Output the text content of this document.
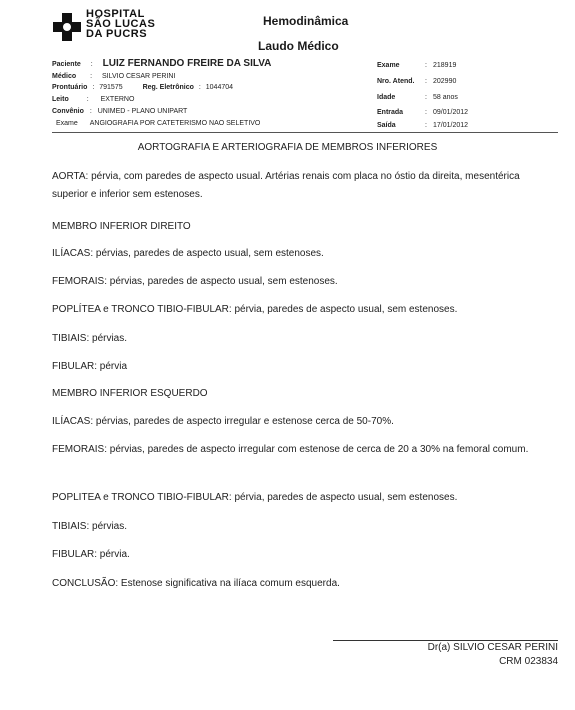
HOSPITAL
SÃO LUCAS
DA PUCRS
Hemodinâmica
Laudo Médico
Paciente : LUIZ FERNANDO FREIRE DA SILVA
Médico : SILVIO CESAR PERINI
Prontuário : 791575	Reg. Eletrônico : 1044704
Leito	: EXTERNO
Convênio : UNIMED - PLANO UNIPART
Exame ANGIOGRAFIA POR CATETERISMO NAO SELETIVO
Exame	: 218919
Nro. Atend. : 202990
Idade	: 58 anos
Entrada	: 09/01/2012
Saída	: 17/01/2012
AORTOGRAFIA E ARTERIOGRAFIA DE MEMBROS INFERIORES
AORTA: pérvia, com paredes de aspecto usual. Artérias renais com placa no óstio da direita, mesentérica superior e inferior sem estenoses.
MEMBRO INFERIOR DIREITO
ILÍACAS: pérvias, paredes de aspecto usual, sem estenoses.
FEMORAIS: pérvias, paredes de aspecto usual, sem estenoses.
POPLÍTEA e TRONCO TIBIO-FIBULAR: pérvia, paredes de aspecto usual, sem estenoses.
TIBIAIS: pérvias.
FIBULAR: pérvia
MEMBRO INFERIOR ESQUERDO
ILÍACAS: pérvias, paredes de aspecto irregular e estenose cerca de 50-70%.
FEMORAIS: pérvias, paredes de aspecto irregular com estenose de cerca de 20 a 30% na femoral comum.
POPLITEA e TRONCO TIBIO-FIBULAR: pérvia, paredes de aspecto usual, sem estenoses.
TIBIAIS: pérvias.
FIBULAR: pérvia.
CONCLUSÃO: Estenose significativa na ilíaca comum esquerda.
Dr(a) SILVIO CESAR PERINI
CRM 023834
